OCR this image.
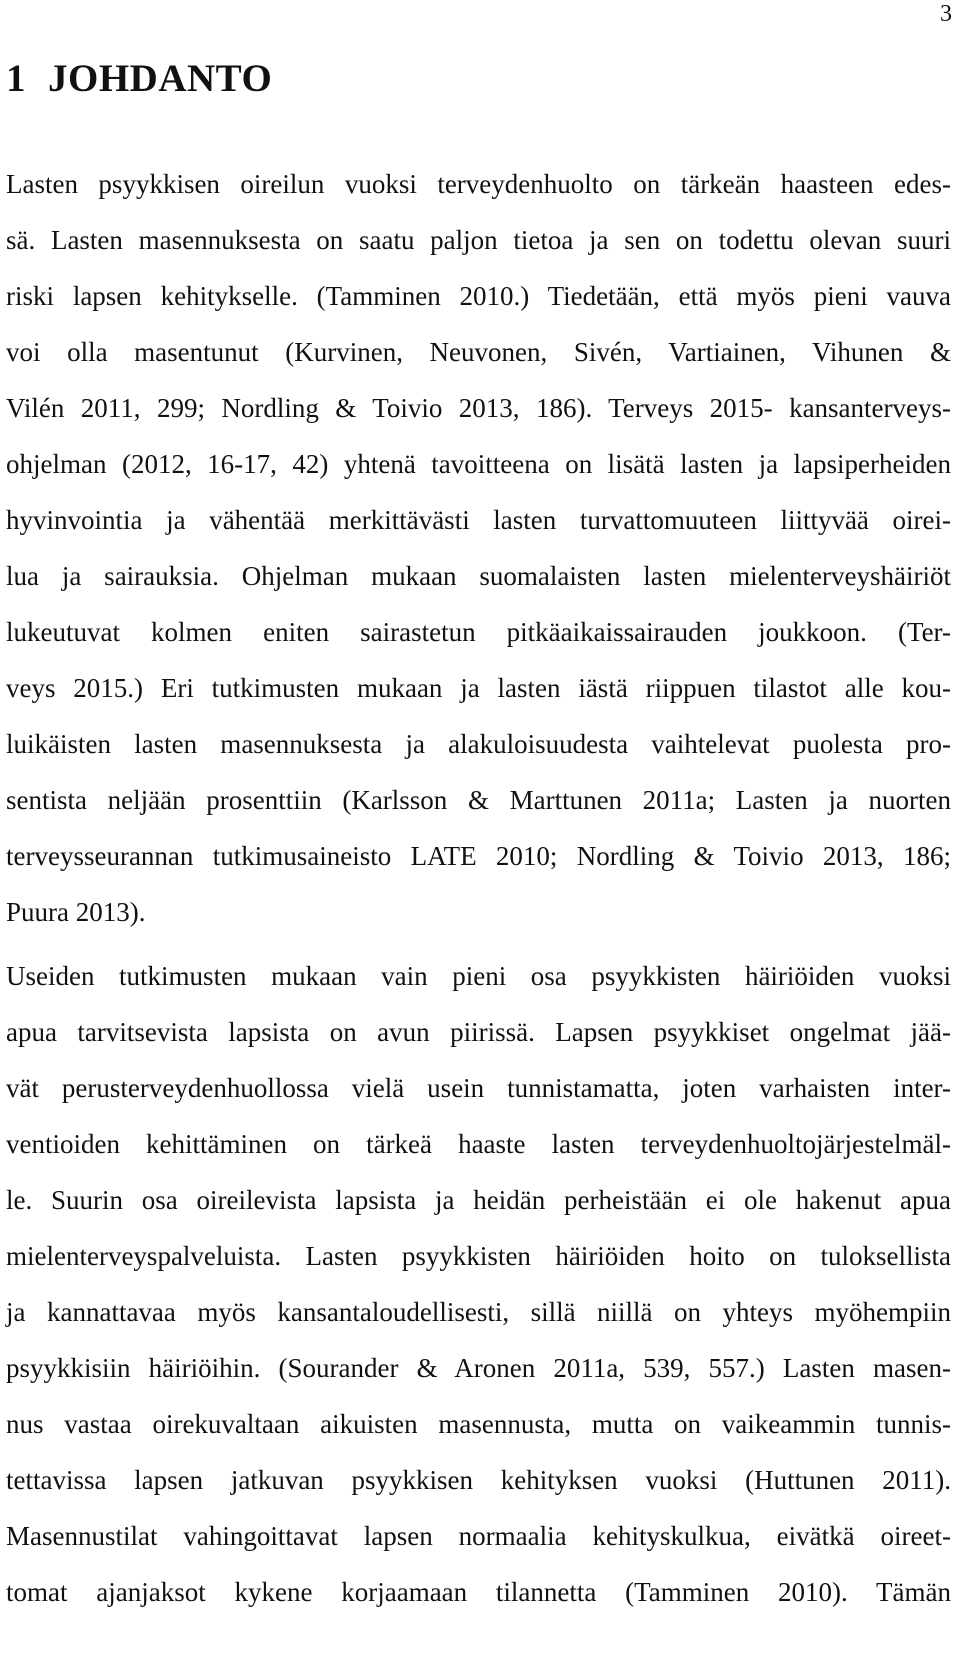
3
1 JOHDANTO
Lasten psyykkisen oireilun vuoksi terveydenhuolto on tärkeän haasteen edes-
sä. Lasten masennuksesta on saatu paljon tietoa ja sen on todettu olevan suuri
riski lapsen kehitykselle. (Tamminen 2010.) Tiedetään, että myös pieni vauva
voi olla masentunut (Kurvinen, Neuvonen, Sivén, Vartiainen, Vihunen &
Vilén 2011, 299; Nordling & Toivio 2013, 186). Terveys 2015- kansanterveys-
ohjelman (2012, 16-17, 42) yhtenä tavoitteena on lisätä lasten ja lapsiperheiden
hyvinvointia ja vähentää merkittävästi lasten turvattomuuteen liittyvää oirei-
lua ja sairauksia. Ohjelman mukaan suomalaisten lasten mielenterveyshäiriöt
lukeutuvat kolmen eniten sairastetun pitkäaikaissairauden joukkoon. (Ter-
veys 2015.) Eri tutkimusten mukaan ja lasten iästä riippuen tilastot alle kou-
luikäisten lasten masennuksesta ja alakuloisuudesta vaihtelevat puolesta pro-
sentista neljään prosenttiin (Karlsson & Marttunen 2011a; Lasten ja nuorten
terveysseurannan tutkimusaineisto LATE 2010; Nordling & Toivio 2013, 186;
Puura 2013).
Useiden tutkimusten mukaan vain pieni osa psyykkisten häiriöiden vuoksi
apua tarvitsevista lapsista on avun piirissä. Lapsen psyykkiset ongelmat jää-
vät perusterveydenhuollossa vielä usein tunnistamatta, joten varhaisten inter-
ventioiden kehittäminen on tärkeä haaste lasten terveydenhuoltojärjestelmäl-
le. Suurin osa oireilevista lapsista ja heidän perheistään ei ole hakenut apua
mielenterveyspalveluista. Lasten psyykkisten häiriöiden hoito on tuloksellista
ja kannattavaa myös kansantaloudellisesti, sillä niillä on yhteys myöhempiin
psyykkisiin häiriöihin. (Sourander & Aronen 2011a, 539, 557.) Lasten masen-
nus vastaa oirekuvaltaan aikuisten masennusta, mutta on vaikeammin tunnis-
tettavissa lapsen jatkuvan psyykkisen kehityksen vuoksi (Huttunen 2011).
Masennustilat vahingoittavat lapsen normaalia kehityskulkua, eivätkä oireet-
tomat ajanjaksot kykene korjaamaan tilannetta (Tamminen 2010). Tämän
